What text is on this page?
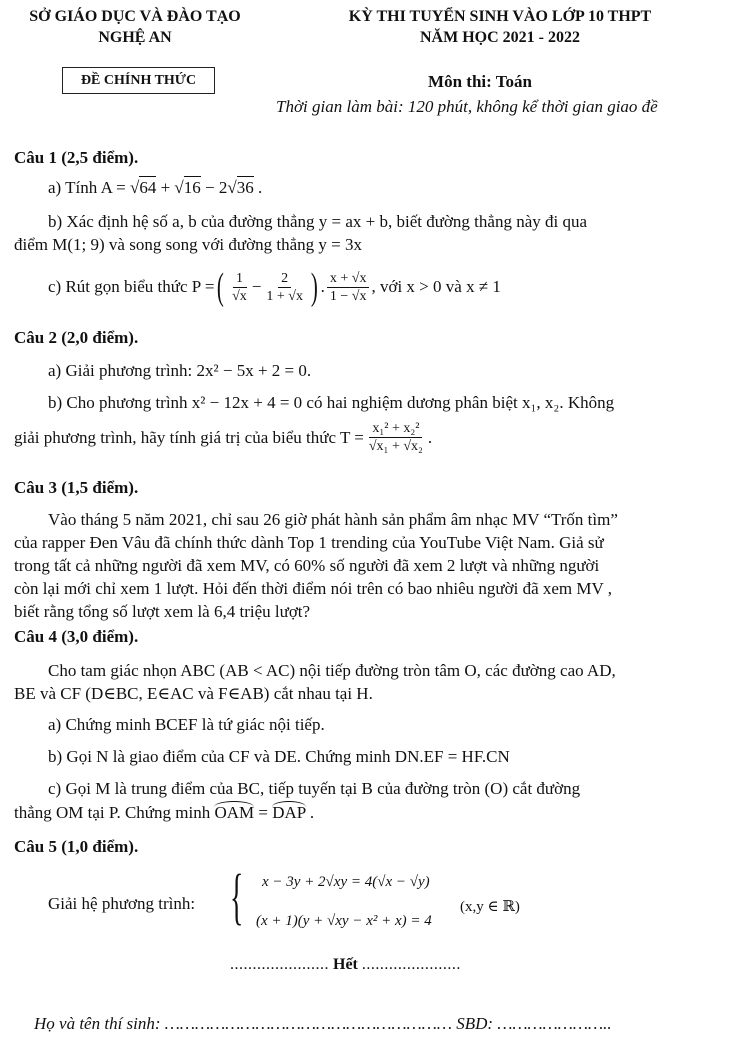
SỞ GIÁO DỤC VÀ ĐÀO TẠO
NGHỆ AN
KỲ THI TUYỂN SINH VÀO LỚP 10 THPT
NĂM HỌC 2021 - 2022
ĐỀ CHÍNH THỨC	Môn thi: Toán
Thời gian làm bài: 120 phút, không kể thời gian giao đề
Câu 1 (2,5 điểm).
a) Tính A = √64 + √16 − 2√36 .
b) Xác định hệ số a, b của đường thẳng y = ax + b, biết đường thẳng này đi qua
điểm M(1; 9) và song song với đường thẳng y = 3x
c) Rút gọn biểu thức P = ( $\frac{1}{√x} - \frac{2}{1 + √x}$ ) . $\frac{x + √x}{1 - √x}$ , với x > 0 và x ≠ 1
Câu 2 (2,0 điểm).
a) Giải phương trình: 2x² − 5x + 2 = 0.
b) Cho phương trình x² − 12x + 4 = 0 có hai nghiệm dương phân biệt x₁, x₂. Không
giải phương trình, hãy tính giá trị của biểu thức $T = \frac{\text{x₁² + x₂²}}{\text{√x₁ + √x₂}}$ .
Câu 3 (1,5 điểm).
Vào tháng 5 năm 2021, chỉ sau 26 giờ phát hành sản phẩm âm nhạc MV “Trốn tìm”
của rapper Đen Vâu đã chính thức dành Top 1 trending của YouTube Việt Nam. Giả sử
trong tất cả những người đã xem MV, có 60% số người đã xem 2 lượt và những người
còn lại mới chỉ xem 1 lượt. Hỏi đến thời điểm nói trên có bao nhiêu người đã xem MV ,
biết rằng tổng số lượt xem là 6,4 triệu lượt?
Câu 4 (3,0 điểm).
Cho tam giác nhọn ABC (AB < AC) nội tiếp đường tròn tâm O, các đường cao AD,
BE và CF (D∈BC, E∈AC và F∈AB) cắt nhau tại H.
a) Chứng minh BCEF là tứ giác nội tiếp.
b) Gọi N là giao điểm của CF và DE. Chứng minh DN.EF = HF.CN
c) Gọi M là trung điểm của BC, tiếp tuyến tại B của đường tròn (O) cắt đường
thẳng OM tại P. Chứng minh OAM = DAP .
Câu 5 (1,0 điểm).
Giải hệ phương trình: { x − 3y + 2√xy = 4(√x − √y)
(x + 1)(y + √xy − x² + x) = 4
(x,y ∈ ℝ)
...................... Hết ......................
Họ và tên thí sinh: ………………………………………………… SBD: …………………..
